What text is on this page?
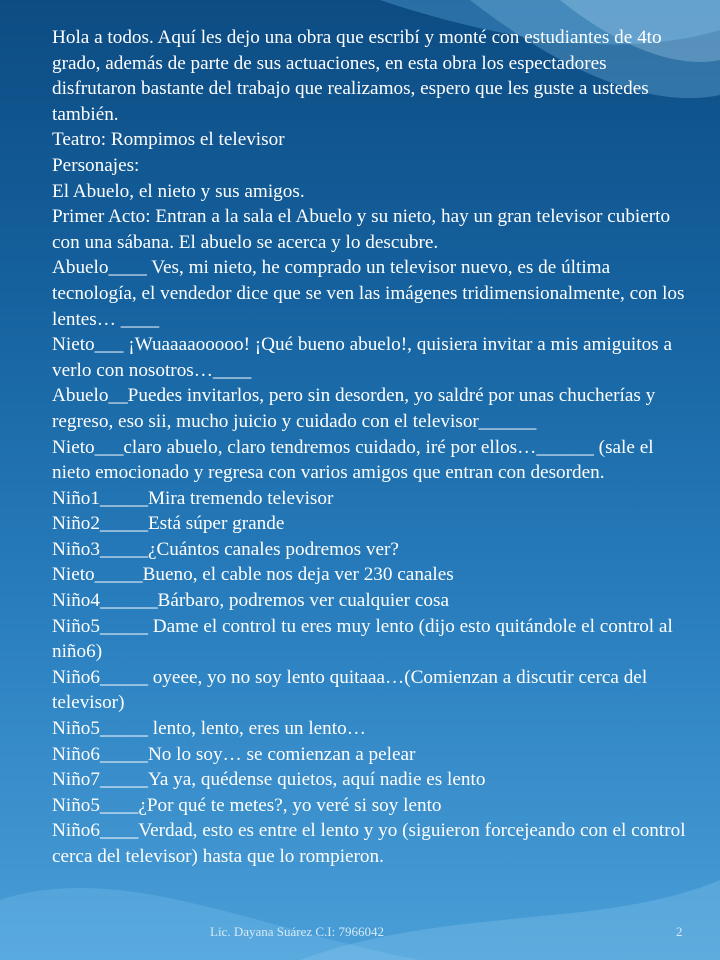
Hola a todos. Aquí les dejo una obra que escribí y monté con estudiantes de 4to grado, además de parte de sus actuaciones, en esta obra los espectadores disfrutaron bastante del trabajo que realizamos, espero que les guste a ustedes también.
Teatro: Rompimos el televisor
Personajes:
El Abuelo, el nieto y sus amigos.
Primer Acto: Entran a la sala el Abuelo y su nieto, hay un gran televisor cubierto con una sábana. El abuelo se acerca y lo descubre.
Abuelo____ Ves, mi nieto, he comprado un televisor nuevo, es de última tecnología, el vendedor dice que se ven las imágenes tridimensionalmente, con los lentes… ____
Nieto___ ¡Wuaaaaooooo! ¡Qué bueno abuelo!, quisiera invitar a mis amiguitos a verlo con nosotros…____
Abuelo__Puedes invitarlos, pero sin desorden, yo saldré por unas chucherías y regreso, eso sii, mucho juicio y cuidado con el televisor______
Nieto___claro abuelo, claro tendremos cuidado, iré por ellos…______ (sale el nieto emocionado y regresa con varios amigos que entran con desorden.
Niño1_____Mira tremendo televisor
Niño2_____Está súper grande
Niño3_____¿Cuántos canales podremos ver?
Nieto_____Bueno, el cable nos deja ver 230 canales
Niño4______Bárbaro, podremos ver cualquier cosa
Niño5_____ Dame el control tu eres muy lento (dijo esto quitándole el control al niño6)
Niño6_____ oyeee, yo no soy lento quitaaa…(Comienzan a discutir cerca del televisor)
Niño5_____ lento, lento, eres un lento…
Niño6_____No lo soy… se comienzan a pelear
Niño7_____Ya ya, quédense quietos, aquí nadie es lento
Niño5____¿Por qué te metes?, yo veré si soy lento
Niño6____Verdad, esto es entre el lento y yo (siguieron forcejeando con el control cerca del televisor) hasta que lo rompieron.
Lic. Dayana Suárez C.I: 7966042	2
